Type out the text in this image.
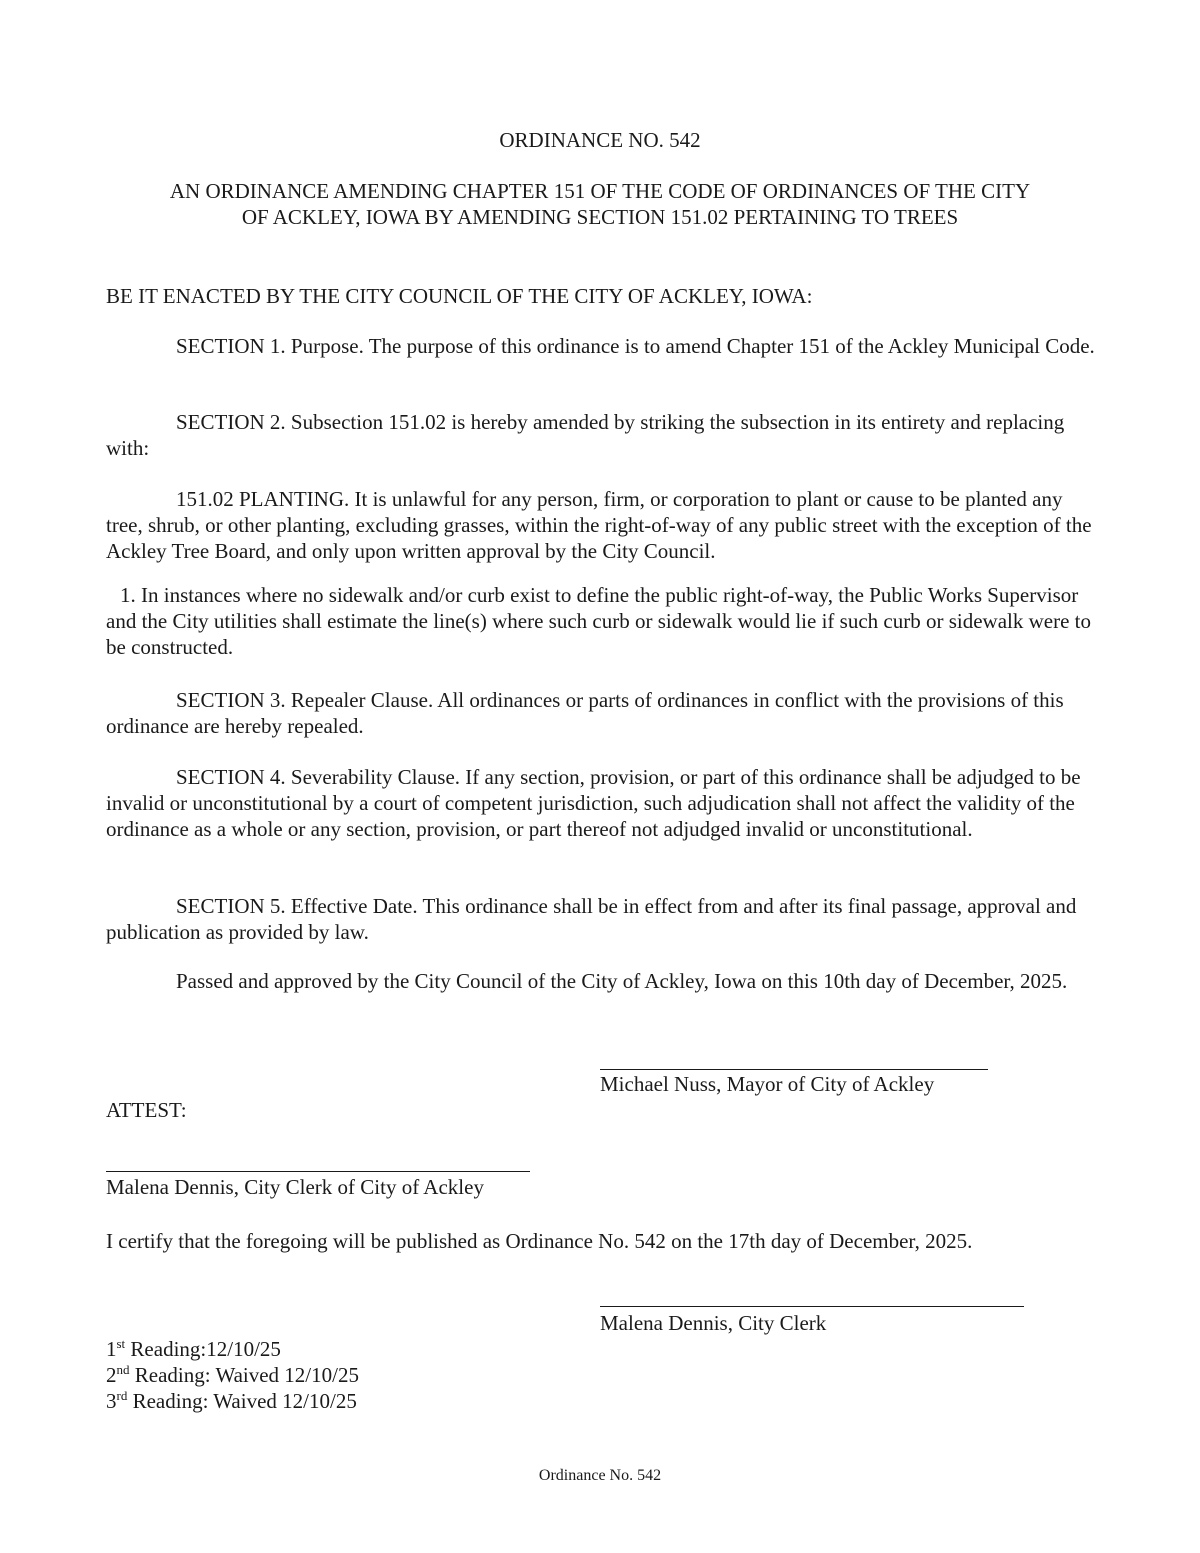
ORDINANCE NO. 542
AN ORDINANCE AMENDING CHAPTER 151 OF THE CODE OF ORDINANCES OF THE CITY
OF ACKLEY, IOWA BY AMENDING SECTION 151.02 PERTAINING TO TREES
BE IT ENACTED BY THE CITY COUNCIL OF THE CITY OF ACKLEY, IOWA:
SECTION 1. Purpose. The purpose of this ordinance is to amend Chapter 151 of the Ackley Municipal Code.
SECTION 2. Subsection 151.02 is hereby amended by striking the subsection in its entirety and replacing with:
151.02 PLANTING. It is unlawful for any person, firm, or corporation to plant or cause to be planted any tree, shrub, or other planting, excluding grasses, within the right-of-way of any public street with the exception of the Ackley Tree Board, and only upon written approval by the City Council.
1. In instances where no sidewalk and/or curb exist to define the public right-of-way, the Public Works Supervisor and the City utilities shall estimate the line(s) where such curb or sidewalk would lie if such curb or sidewalk were to be constructed.
SECTION 3. Repealer Clause. All ordinances or parts of ordinances in conflict with the provisions of this ordinance are hereby repealed.
SECTION 4. Severability Clause. If any section, provision, or part of this ordinance shall be adjudged to be invalid or unconstitutional by a court of competent jurisdiction, such adjudication shall not affect the validity of the ordinance as a whole or any section, provision, or part thereof not adjudged invalid or unconstitutional.
SECTION 5. Effective Date. This ordinance shall be in effect from and after its final passage, approval and publication as provided by law.
Passed and approved by the City Council of the City of Ackley, Iowa on this 10th day of December, 2025.
Michael Nuss, Mayor of City of Ackley
ATTEST:
Malena Dennis, City Clerk of City of Ackley
I certify that the foregoing will be published as Ordinance No. 542 on the 17th day of December, 2025.
Malena Dennis, City Clerk
1st Reading:12/10/25
2nd Reading: Waived 12/10/25
3rd Reading: Waived 12/10/25
Ordinance No. 542
